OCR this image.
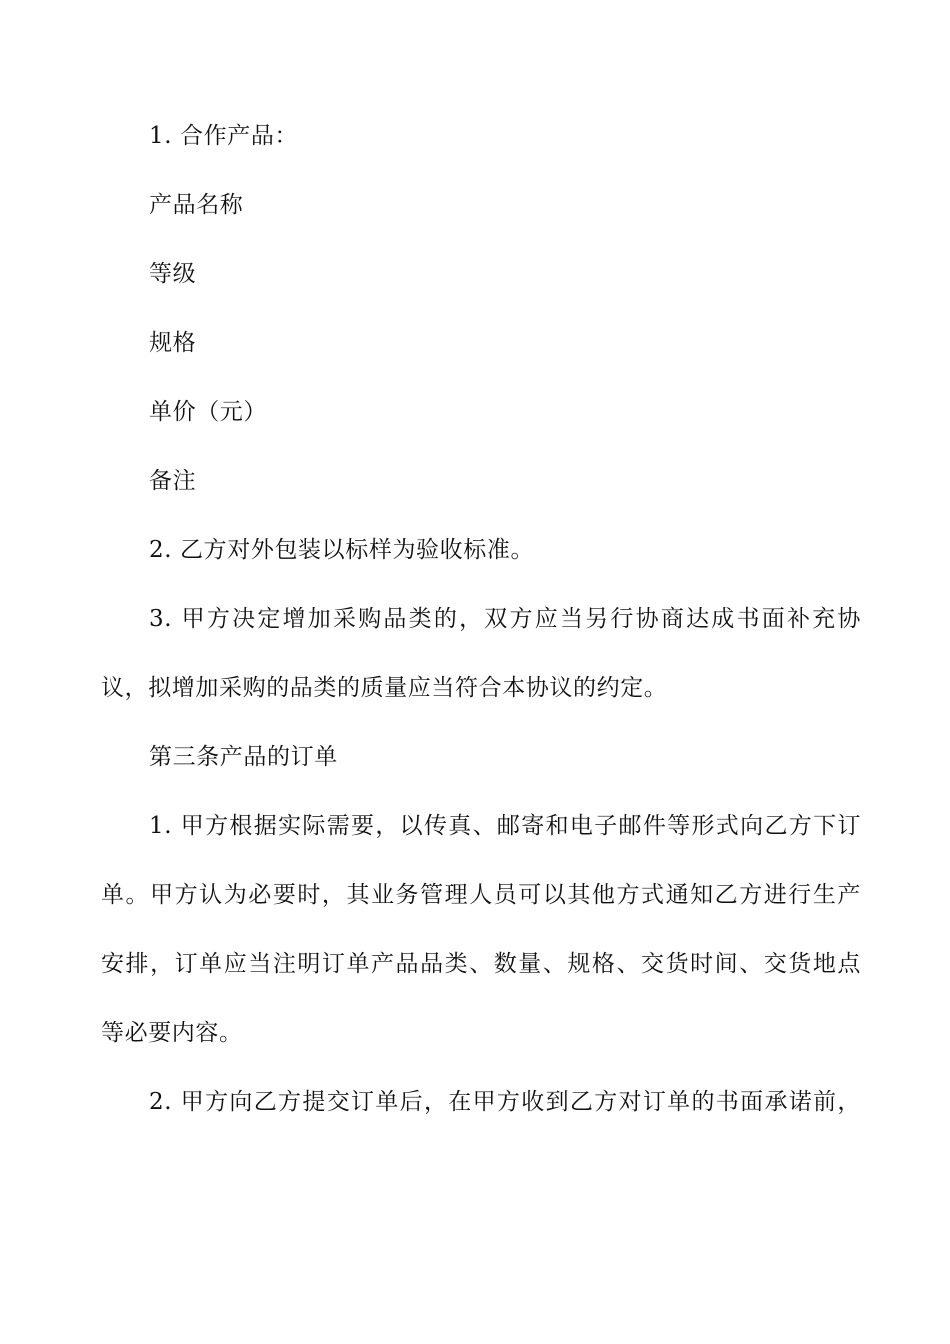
1. 合作产品：
产品名称
等级
规格
单价（元）
备注
2. 乙方对外包装以标样为验收标准。
3. 甲方决定增加采购品类的，双方应当另行协商达成书面补充协
议，拟增加采购的品类的质量应当符合本协议的约定。
第三条产品的订单
1. 甲方根据实际需要，以传真、邮寄和电子邮件等形式向乙方下订
单。甲方认为必要时，其业务管理人员可以其他方式通知乙方进行生产
安排，订单应当注明订单产品品类、数量、规格、交货时间、交货地点
等必要内容。
2. 甲方向乙方提交订单后，在甲方收到乙方对订单的书面承诺前，
